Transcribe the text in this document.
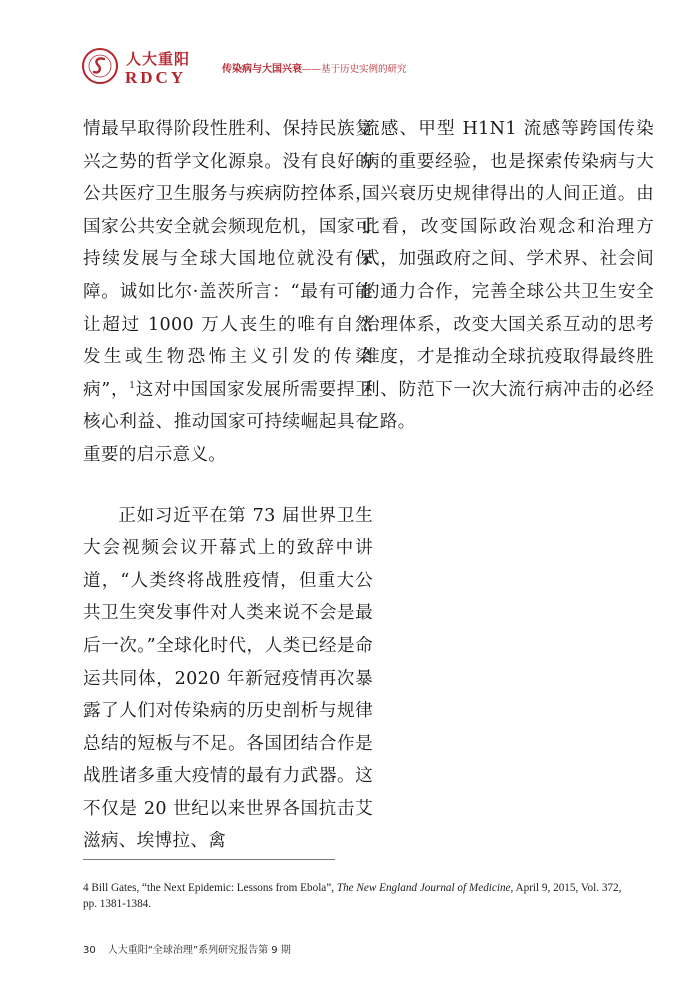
人大重阳
RDCY	传染病与大国兴衰——基于历史实例的研究

情最早取得阶段性胜利、保持民族复兴之势的哲学文化源泉。没有良好的公共医疗卫生服务与疾病防控体系，国家公共安全就会频现危机，国家可持续发展与全球大国地位就没有保障。诚如比尔·盖茨所言：“最有可能让超过 1000 万人丧生的唯有自然发生或生物恐怖主义引发的传染病”，$^1$这对中国国家发展所需要捍卫核心利益、推动国家可持续崛起具有重要的启示意义。

正如习近平在第 73 届世界卫生大会视频会议开幕式上的致辞中讲道，“人类终将战胜疫情，但重大公共卫生突发事件对人类来说不会是最后一次。”全球化时代，人类已经是命运共同体，2020 年新冠疫情再次暴露了人们对传染病的历史剖析与规律总结的短板与不足。各国团结合作是战胜诸多重大疫情的最有力武器。这不仅是 20 世纪以来世界各国抗击艾滋病、埃博拉、禽

流感、甲型 H1N1 流感等跨国传染病的重要经验，也是探索传染病与大国兴衰历史规律得出的人间正道。由此看，改变国际政治观念和治理方式，加强政府之间、学术界、社会间的通力合作，完善全球公共卫生安全治理体系，改变大国关系互动的思考维度，才是推动全球抗疫取得最终胜利、防范下一次大流行病冲击的必经之路。

4 Bill Gates, “the Next Epidemic: Lessons from Ebola”, The New England Journal of Medicine, April 9, 2015, Vol. 372, pp. 1381-1384.
30 人大重阳“全球治理”系列研究报告第 9 期
